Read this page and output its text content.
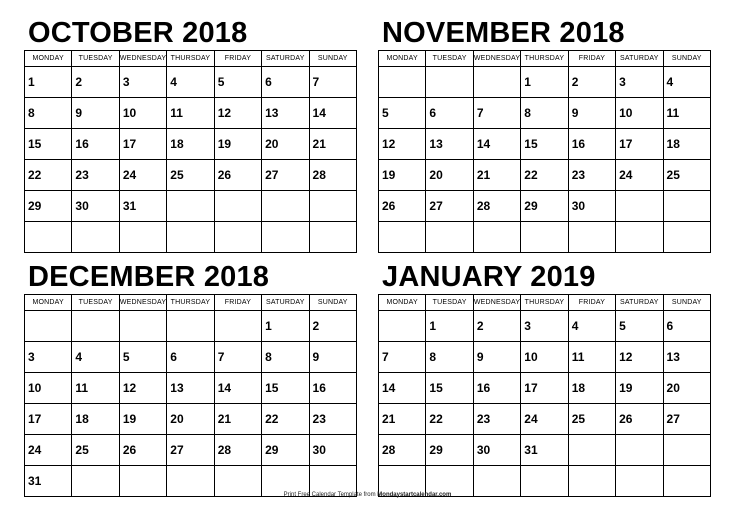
OCTOBER 2018
MONDAY	TUESDAY	WEDNESDAY	THURSDAY	FRIDAY	SATURDAY	SUNDAY

1	2	3	4	5	6	7

8	9	10	11	12	13	14

15	16	17	18	19	20	21

22	23	24	25	26	27	28

29	30	31				

NOVEMBER 2018
MONDAY	TUESDAY	WEDNESDAY	THURSDAY	FRIDAY	SATURDAY	SUNDAY

			1	2	3	4

5	6	7	8	9	10	11

12	13	14	15	16	17	18

19	20	21	22	23	24	25

26	27	28	29	30		

DECEMBER 2018
MONDAY	TUESDAY	WEDNESDAY	THURSDAY	FRIDAY	SATURDAY	SUNDAY

					1	2

3	4	5	6	7	8	9

10	11	12	13	14	15	16

17	18	19	20	21	22	23

24	25	26	27	28	29	30

31						

JANUARY 2019
MONDAY	TUESDAY	WEDNESDAY	THURSDAY	FRIDAY	SATURDAY	SUNDAY

	1	2	3	4	5	6

7	8	9	10	11	12	13

14	15	16	17	18	19	20

21	22	23	24	25	26	27

28	29	30	31			

Print Free Calendar Template from Mondaystartcalendar.com
